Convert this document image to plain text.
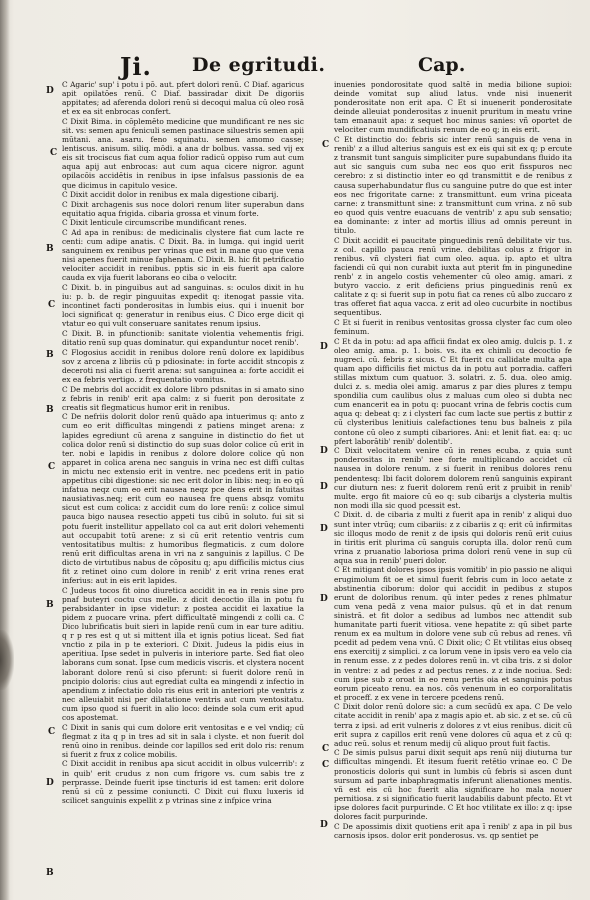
Ji. De egritudi.	Cap.
D
C
B
C
B
B
C
B
C
D
B
C
D
D
D
D
D
C
C
D

C Agaric' sup' i potu i pō. aut. pfert dolori renū. C Diaf. agaricus apit opilatōes renū. C Diaf. bassiradar dixit De digoriis appitates; ad aferenda dolori renū si decoqui malua cū oleo rosā et ex ea sit enbrocas confert.

C Dixit Bima. in cōplemēto medicine que mundificant re nes sic sit. vs: semen apu feniculi semen pastinace siluestris semen apii mūtani. ana. asaru. feno squinatu. semen amomo casse; lentiscus. anisum. siliq. mōdi. a ana dr bolbus. vassa. sed vij ex eis sit trociscus fiat cum aqua folior radicū oppiso rum aut cum aqua apij aut enbrocas: aut cum aqua cicere nigror. agunt opilacōis accidētis in renibus in ipse infalsus passionis de ea que dicimus in capitulo vesice.

C Dixit accidit dolor in renibus ex mala digestione cibarij.

C Dixit archagenis sus noce dolori renum liter superabun dans equitatio aqua frigida. cibaria grossa et vinum forte.

C Dixit lenticule circumscribe mundificant renes.

C Ad apa in renibus: de medicinalis clystere fiat cum lacte re centi: cum adipe anatis. C Dixit. Ba. in lumga. qui ingid uerit sanguinem ex renibus per vrinas que est in mane quo que vena nisi apenes fuerit minue faphenam. C Dixit. B. hic fit petrificatio velociter accidit in renibus. pptis sic in eis fuerit apa calore cauda ex vija fuerit laborans eo ciba o velocitr.

C Dixit. b. in pinguibus aut ad sanguinas. s: oculos dixit in hu iu: p. b. de regir pinguuitas expedit q: itenogat passie vita. incontinet facti ponderositas in lumbis eius. qui i inuenit bor loci significat q: generatur in renibus eius. C Dico erge dicit qi vtatur eo qui vult conseruare sanitates renum ipsius.

C Dixit. B. in pfunctionib: sanitate violentia vehementis frigi. ditatio renū sup quas dominatur. qui expanduntur nocet renib'.

C Flogosius accidit in renibus dolore renū dolore ex lapidibus sov z arcena z libriis cū p pdiosinate: in forte accidit stncopis z deceroti nsi alia ci fuerit arena: sut sanguinea a: forte accidit ei ex ea febris vertigo. z frequentatio vomitus.

C De mebris dol accidit ex dolore libro pdsnitas in si amato sino z febris in renib' erit apa calm: z si fuerit pon derositate z creatis sit flegmaticus humor erit in renibus.

C De nefriis dolorit dolor renū quādo apa intuerimus q: anto z cum eo erit difficultas mingendi z patiens minget arena: z lapides egrediunt cū arena z sanguine in distinctio do fiet ut colica dolor renū si distinctio do sup suas dolor colice cū erit in ter. nobi e lapidis in renibus z dolore dolore colice qū non apparet in colica arena nec sanguis in vrina nec est diffi cultas in mictu nec extensio erit in ventre. nec pcedens erit in patio appetitus cibi digestione: sic nec erit dolor in libis: neq; in eo qū infatua neqz cum eo erit nausea neqz pce dens erit in fatuitas nausiativas.neq; erit cum eo nausea fre quens absqz vomitu sicut est cum colica: z accidit cum do lore renū: z colice simul pauca bigo nausea resectio appeti tus cibū in soluto. fui sit si potu fuerit instellitur appellato col ca aut erit dolori vehementi aut occupabit totū arene: z si cū erit retentio ventris cum ventositatibus multis: z humoribus flegmaticis. z cum dolore renū erit difficultas arena in vri na z sanguinis z lapillus. C De dicto de virtutibus nabus de cōpositu q; apu difficilis mictus cius fit z retinet oino cum dolore in renib' z erit vrina renes erat inferius: aut in eis erit lapides.

C Judeus tocos fit oino diuretica accidit in ea in renis sine pro pnaf buteyri coctu cus melle. z dicit decoctio illa in potu fu perabsidanter in ipse videtur: z postea accidit ei laxatiue la pidem z puocare vrina. pfert difficultatē mingendi z colli ca. C Dico lubrificatis buit sieri in lapide renū cum in ear ture aditiu. q r p res est q ut si mittent illa et ignis potius liceat. Sed fiat vnctio z pila in p te exteriori. C Dixit. Judeus la pidis eius in aperitiua. Ipse sedet in pulveris in interiore parte. Sed fiat oleo laborans cum sonat. Ipse cum medicis viscris. et clystera nocent laborant dolore renū si ciso pferunt: si fuerit dolore renū in pncipio doloris: cius aut egrediat culta ea mingendi z infectio in apendium z infectatio dolo ris eius erit in anteriori pte ventris z nec alleuiabit nisi per dilatatione ventris aut cum ventositatu. cum ipso quod si fuerit in alio loco: deinde sola cum erit apud cos apostemat.

C Dixit in sanis qui cum dolore erit ventositas e e vel vndiq; cū flegmat z ita q p in tres ad sit in sala i clyste. et non fuerit dol renū oino in renibus. deinde cor lapillos sed erit dolo ris: renum si fuerit z frux z colice mobilis.

C Dixit accidit in renibus apa sicut accidit in olbus vulcerrib': z in quib' erit crudus z non cum frigore vs. cum sabis tre z perprasse. Deinde fuerit ipse tincturis id est tamen: erit dolore renū si cū z pessime coniuncti. C Dixit cui fluxu luxeris id scilicet sanguinis expellit z p vtrinas sine z infpice vrina

inuenies pondorositate quod saltē in media bilione supioi: deinde vomitat sup aliud latus. vnde nisi inuenerit ponderositate non erit apa. C Et si inuenerit ponderositate deinde alleuiat ponderositas z inuenit pruritum in meatu vrine tam emanauit apa: z sequet hoc minus sanies: vñ oportet de velociter cum mundificatiuis renum de eo q; in eis erit.

C Et distinctio do: febris sic inter renū sanguis de vena in renib' z a illud alterius sanguis est ex eis qui sit ex q; p ercute z transmit tunt sanguis simpliciter pure supabundans fluido ita aut sic sanguis cum suba nec eos quo erit fisspuros nec cerebro: z si distinctio inter eo qd transmittit e de renibus z causa superhabundatur flus cu sanguine putre do que est inter eos nec frigoritate carne: z transmittunt. eum vrina piceata carne: z transmittunt sine: z transmittunt cum vrina. z nō sub eo quod quis ventre euacuans de ventrib' z apu sub sensatio; ea dominante: z inter ad mortis illius ad omnis pereunt in titulo.

C Dixit accidit ei paucitate pinguedinis renū debilitate vir tus. z col. capillo pauca renū vrine. debilitas colus z frigor in renibus. vñ clysteri fiat cum oleo. aqua. ip. apto et ultra faciendi cū qui non curabit iuxta aut pterit fm in pingunedine renb' z in angelo costis vehementer cū oleo amig. amari. z butyro vaccio. z erit deficiens prius pinguedinis renū ex calitate z q: si fuerit sup in potu fiat ca renes cū albo zuccaro z tras offeret fiat aqua vacca. z erit ad oleo cucurbite in noctibus sequentibus.

C Et si fuerit in renibus ventositas grossa clyster fac cum oleo feminum.

C Et da in potu: ad apa afficii findat ex oleo amig. dulcis p. 1. z oleo amig. ama. p. 1. bois. vs. ita ex chimli cu decoctio fe nugreci. cū. febris z sicus. C Et fuerit cu callidate multa apa quam apo difficilis fiet mictus da in potu aut porradia. cafferi stillas mixtum cum quatuor. 3. solatri. z. 5. dua. oleo amig. dulci z. s. media olei amig. amarus z par dies plures z tempu spondilia cum caulibus olus z maluas cum oleo si dubta nec cum enancerit ea in potu q: puocant vrina de febris coctis cum aqua q: debeat q: z i clysteri fac cum lacte sue pertis z buttir z cū clysteribus lenitiuis calefactiones tenu bus balneis z pila contone cū oleo z sumpti cibariores. Ani: et lenit fiat. ea: q: uc pfert laborātib' renib' dolentib'.

C Dixit velocitatem venire cū in renes ecuba. z quia sunt ponderositas in renib' nee forte multiplicando accidet cū nausea in dolore renum. z si fuerit in renibus dolores renu pendentesq: Ibi facit dolorem dolorem renū sanguinis expirant cur diuturn nes: z fuerit dolorem renū erit z pruibit in renib' multe. ergo fit maiore cū eo q: sub cibarijs a clysteria multis non modi illa sic quod pcessit est.

C Dixit. d. de cibaria z multi z fuerit apa in renib' z aliqui duo sunt inter vtrūq; cum cibariis: z z cibariis z q: erit cū infirmitas sic illoqus modo de renit z de ipsis qui doloris renū erit cuius in tiritis erit plurima cū sanguis corupta illa. dolor renū cum vrina z pruanatio laboriosa prima dolori renū vene in sup cū aqua sua in renib' pueri dolor.

C Et mitigant dolores ipsos ipsis vomitib' in pio passio ne aliqui erugimolum fit oe et simul fuerit febris cum in loco aetate z abstinentia ciborum: dolor qui accidit in pedibus z stupos erunt de doloribus renum. qū inter pedes z renes phlmatur cum vena pedā z vena maior pulsus. qū et in dat renum sinistrā. et fit dolor a sedibus ad lumbos nec attendit sub humanitate parti fuerit vitiosa. vene hepatite z: qū sibet parte renum ex ea multum in dolore vene sub cū rebus ad renes. vñ pcedit ad pedem vena vnū. C Dixit olic; C Et vtilitas eius obseq ens exercitij z simplici. z ca lorum vene in ipsis vero ea velo cia in renum esse. z z pedes dolores renū in. vt ciba tris. z si dolor in ventre: z ad pedes z ad pectus renes. z z inde nociua. Sed: cum ipse sub z oroat in eo renu pertis oia et sanguinis potus eorum piceato renu. ea nos. cōs venenum in eo corporalitatis et proceff. z ex vene in tercere pcedens renū.

C Dixit dolor renū dolore sic: a cum secūdū ex apa. C De velo citate accidit in renib' apa z magis apio et. ab sic. z et se. cū cū terra z ipsi. ad erit vulneris z dolores z vt eius renibus. dicit cū erit supra z capillos erit renū vene dolores cū aqua et z cū q: aduc reū. solus et renum medij cū aliquo prout fuit factis.

C De simis pulsus parui dixit sequit aps renū niij diuturna tur difficultas mingendi. Et itesum fuerit retētio vrinae eo. C De pronosticis doloris qui sunt in lumbis cū febris si ascen dunt sursum ad parte inbaphragmatis inferunt alienationes mentis. vñ est eis cū hoc fuerit alia significare ho mala nouer pernitiosa. z si significatio fuerit laudabilis dabunt pfecto. Et vt ipse dolores facit purpurinde. C Et hoc vtilitate ex illo: z q: ipse dolores facit purpurinde.

C De apossimis dixit quotiens erit apa ī renib' z apa in pil bus carnosis ipsos. dolor erit ponderosus. vs. qp sentiet pe
